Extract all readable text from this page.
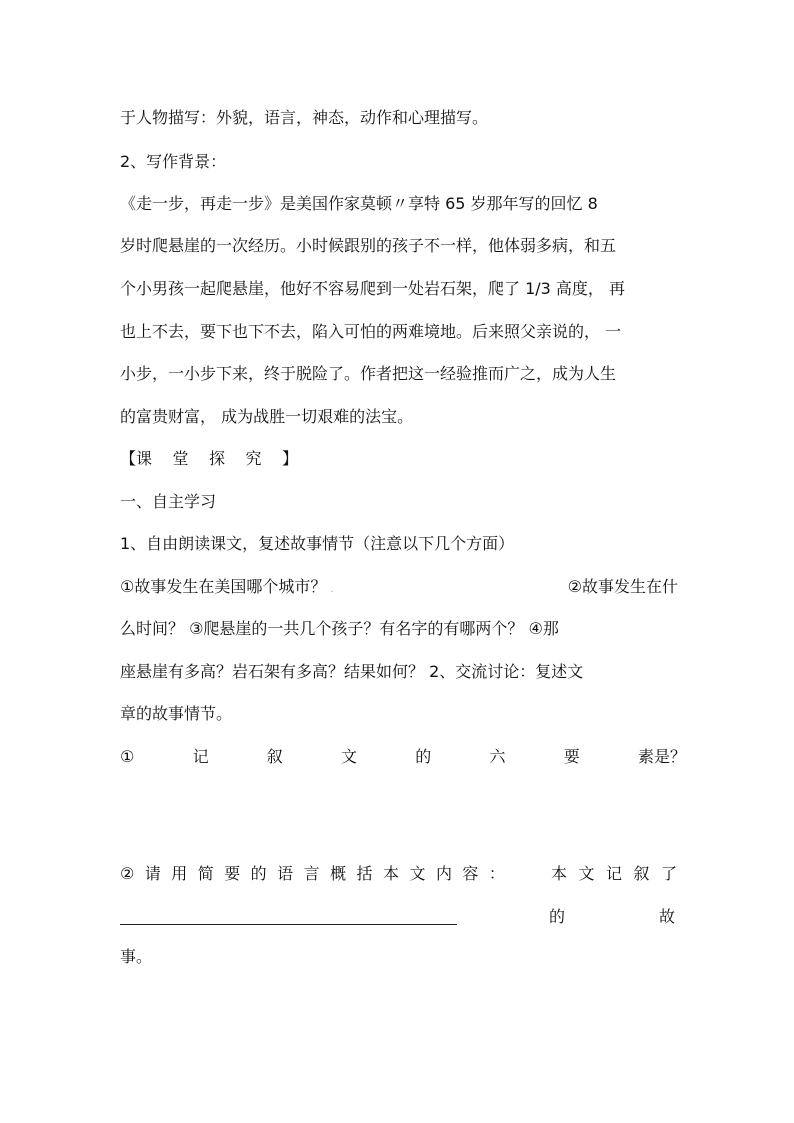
于人物描写：外貌，语言，神态，动作和心理描写。
2、写作背景：
《走一步，再走一步》是美国作家莫顿〃享特 65 岁那年写的回忆 8
岁时爬悬崖的一次经历。小时候跟别的孩子不一样，他体弱多病，和五
个小男孩一起爬悬崖，他好不容易爬到一处岩石架，爬了 1/3 高度， 再
也上不去，要下也下不去，陷入可怕的两难境地。后来照父亲说的， 一
小步，一小步下来，终于脱险了。作者把这一经验推而广之，成为人生
的富贵财富， 成为战胜一切艰难的法宝。
【课 堂 探 究 】
一、自主学习
1、自由朗读课文，复述故事情节（注意以下几个方面）
①故事发生在美国哪个城市？ .	②故事发生在什
么时间？ ③爬悬崖的一共几个孩子？有名字的有哪两个？ ④那
座悬崖有多高？岩石架有多高？结果如何？ 2、交流讨论：复述文
章的故事情节。
①	记	叙	文	的	六	要	素是？
② 请 用 简 要 的 语 言 概 括 本 文 内 容 ：	本 文 记 叙 了
的	故
事。
